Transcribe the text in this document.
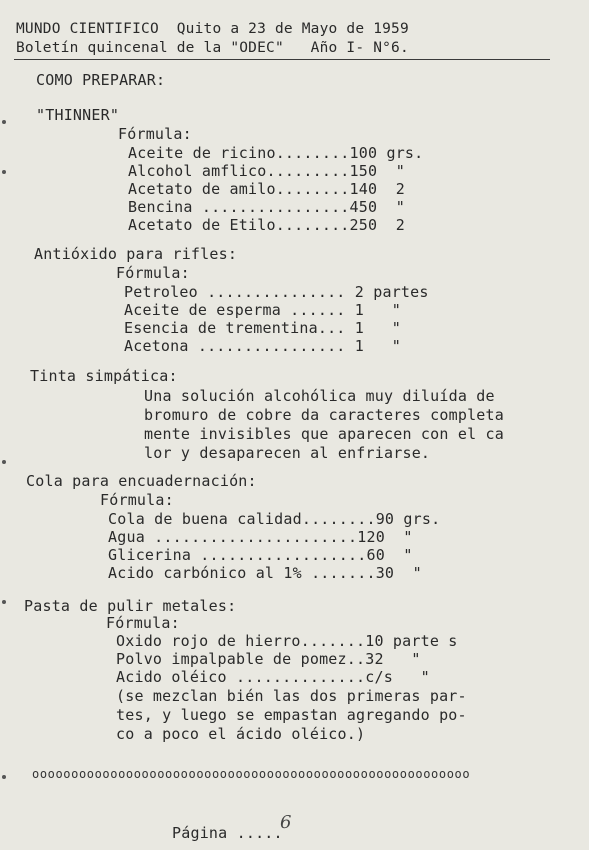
MUNDO CIENTIFICO  Quito a 23 de Mayo de 1959
Boletín quincenal de la "ODEC"   Año I- N°6.
COMO PREPARAR:
"THINNER"
Fórmula:
Aceite de ricino........100 grs.
Alcohol amflico.........150  "
Acetato de amilo........140  2
Bencina ................450  "
Acetato de Etilo........250  2
Antióxido para rifles:
Fórmula:
Petroleo ............... 2 partes
Aceite de esperma ...... 1   "
Esencia de trementina... 1   "
Acetona ................ 1   "
Tinta simpática:
Una solución alcohólica muy diluída de
bromuro de cobre da caracteres completa
mente invisibles que aparecen con el ca
lor y desaparecen al enfriarse.
Cola para encuadernación:
Fórmula:
Cola de buena calidad........90 grs.
Agua ......................120  "
Glicerina ..................60  "
Acido carbónico al 1% .......30  "
Pasta de pulir metales:
Fórmula:
Oxido rojo de hierro.......10 parte s
Polvo impalpable de pomez..32   "
Acido oléico ..............c/s   "
(se mezclan bién las dos primeras par-
tes, y luego se empastan agregando po-
co a poco el ácido oléico.)
oooooooooooooooooooooooooooooooooooooooooooooooooooooooo
Página .....
6
